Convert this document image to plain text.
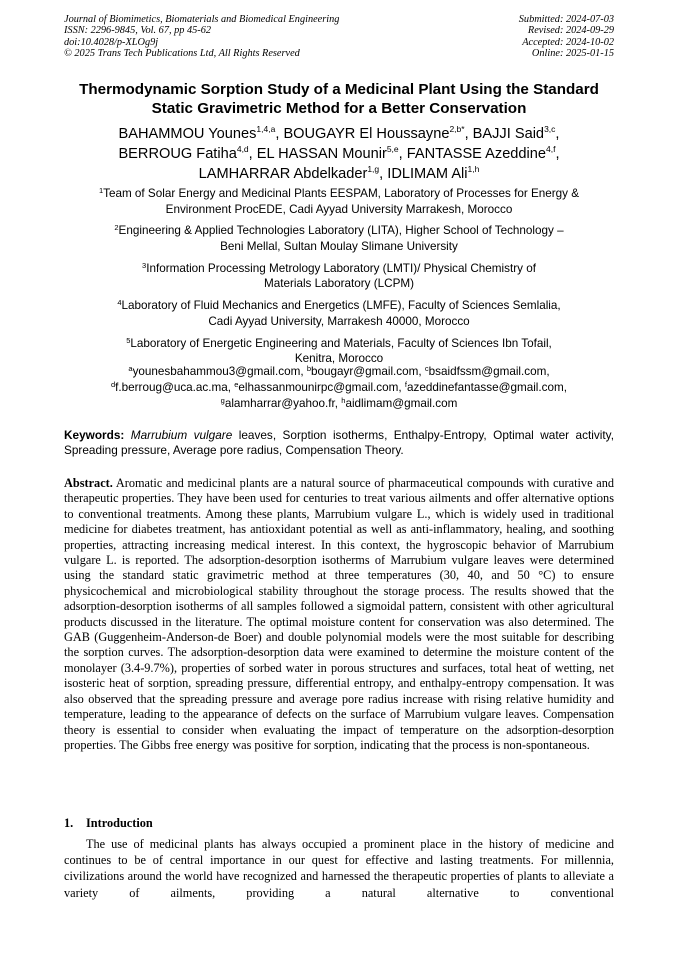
Journal of Biomimetics, Biomaterials and Biomedical Engineering
ISSN: 2296-9845, Vol. 67, pp 45-62
doi:10.4028/p-XLOg9j
© 2025 Trans Tech Publications Ltd, All Rights Reserved
Submitted: 2024-07-03
Revised: 2024-09-29
Accepted: 2024-10-02
Online: 2025-01-15
Thermodynamic Sorption Study of a Medicinal Plant Using the Standard
Static Gravimetric Method for a Better Conservation
BAHAMMOU Younes$^{1,4,a}$, BOUGAYR El Houssayne$^{2,b*}$, BAJJI Said$^{3,c}$,
BERROUG Fatiha$^{4,d}$, EL HASSAN Mounir$^{5,e}$, FANTASSE Azeddine$^{4,f}$,
LAMHARRAR Abdelkader$^{1,g}$, IDLIMAM Ali$^{1,h}$
$^1$Team of Solar Energy and Medicinal Plants EESPAM, Laboratory of Processes for Energy &
Environment ProcEDE, Cadi Ayyad University Marrakesh, Morocco
$^2$Engineering & Applied Technologies Laboratory (LITA), Higher School of Technology –
Beni Mellal, Sultan Moulay Slimane University
$^3$Information Processing Metrology Laboratory (LMTI)/ Physical Chemistry of
Materials Laboratory (LCPM)
$^4$Laboratory of Fluid Mechanics and Energetics (LMFE), Faculty of Sciences Semlalia,
Cadi Ayyad University, Marrakesh 40000, Morocco
$^5$Laboratory of Energetic Engineering and Materials, Faculty of Sciences Ibn Tofail,
Kenitra, Morocco
$^a$younesbahammou3@gmail.com, $^b$bougayr@gmail.com, $^c$bsaidfssm@gmail.com,
$^d$f.berroug@uca.ac.ma, $^e$elhassanmounirpc@gmail.com, $^f$azeddinefantasse@gmail.com,
$^g$alamharrar@yahoo.fr, $^h$aidlimam@gmail.com
Keywords: Marrubium vulgare leaves, Sorption isotherms, Enthalpy-Entropy, Optimal water activity, Spreading pressure, Average pore radius, Compensation Theory.
Abstract. Aromatic and medicinal plants are a natural source of pharmaceutical compounds with curative and therapeutic properties. They have been used for centuries to treat various ailments and offer alternative options to conventional treatments. Among these plants, Marrubium vulgare L., which is widely used in traditional medicine for diabetes treatment, has antioxidant potential as well as anti-inflammatory, healing, and soothing properties, attracting increasing medical interest. In this context, the hygroscopic behavior of Marrubium vulgare L. is reported. The adsorption-desorption isotherms of Marrubium vulgare leaves were determined using the standard static gravimetric method at three temperatures (30, 40, and 50 °C) to ensure physicochemical and microbiological stability throughout the storage process. The results showed that the adsorption-desorption isotherms of all samples followed a sigmoidal pattern, consistent with other agricultural products discussed in the literature. The optimal moisture content for conservation was also determined. The GAB (Guggenheim-Anderson-de Boer) and double polynomial models were the most suitable for describing the sorption curves. The adsorption-desorption data were examined to determine the moisture content of the monolayer (3.4-9.7%), properties of sorbed water in porous structures and surfaces, total heat of wetting, net isosteric heat of sorption, spreading pressure, differential entropy, and enthalpy-entropy compensation. It was also observed that the spreading pressure and average pore radius increase with rising relative humidity and temperature, leading to the appearance of defects on the surface of Marrubium vulgare leaves. Compensation theory is essential to consider when evaluating the impact of temperature on the adsorption-desorption properties. The Gibbs free energy was positive for sorption, indicating that the process is non-spontaneous.
1. Introduction
The use of medicinal plants has always occupied a prominent place in the history of medicine and continues to be of central importance in our quest for effective and lasting treatments. For millennia, civilizations around the world have recognized and harnessed the therapeutic properties of plants to alleviate a variety of ailments, providing a natural alternative to conventional
